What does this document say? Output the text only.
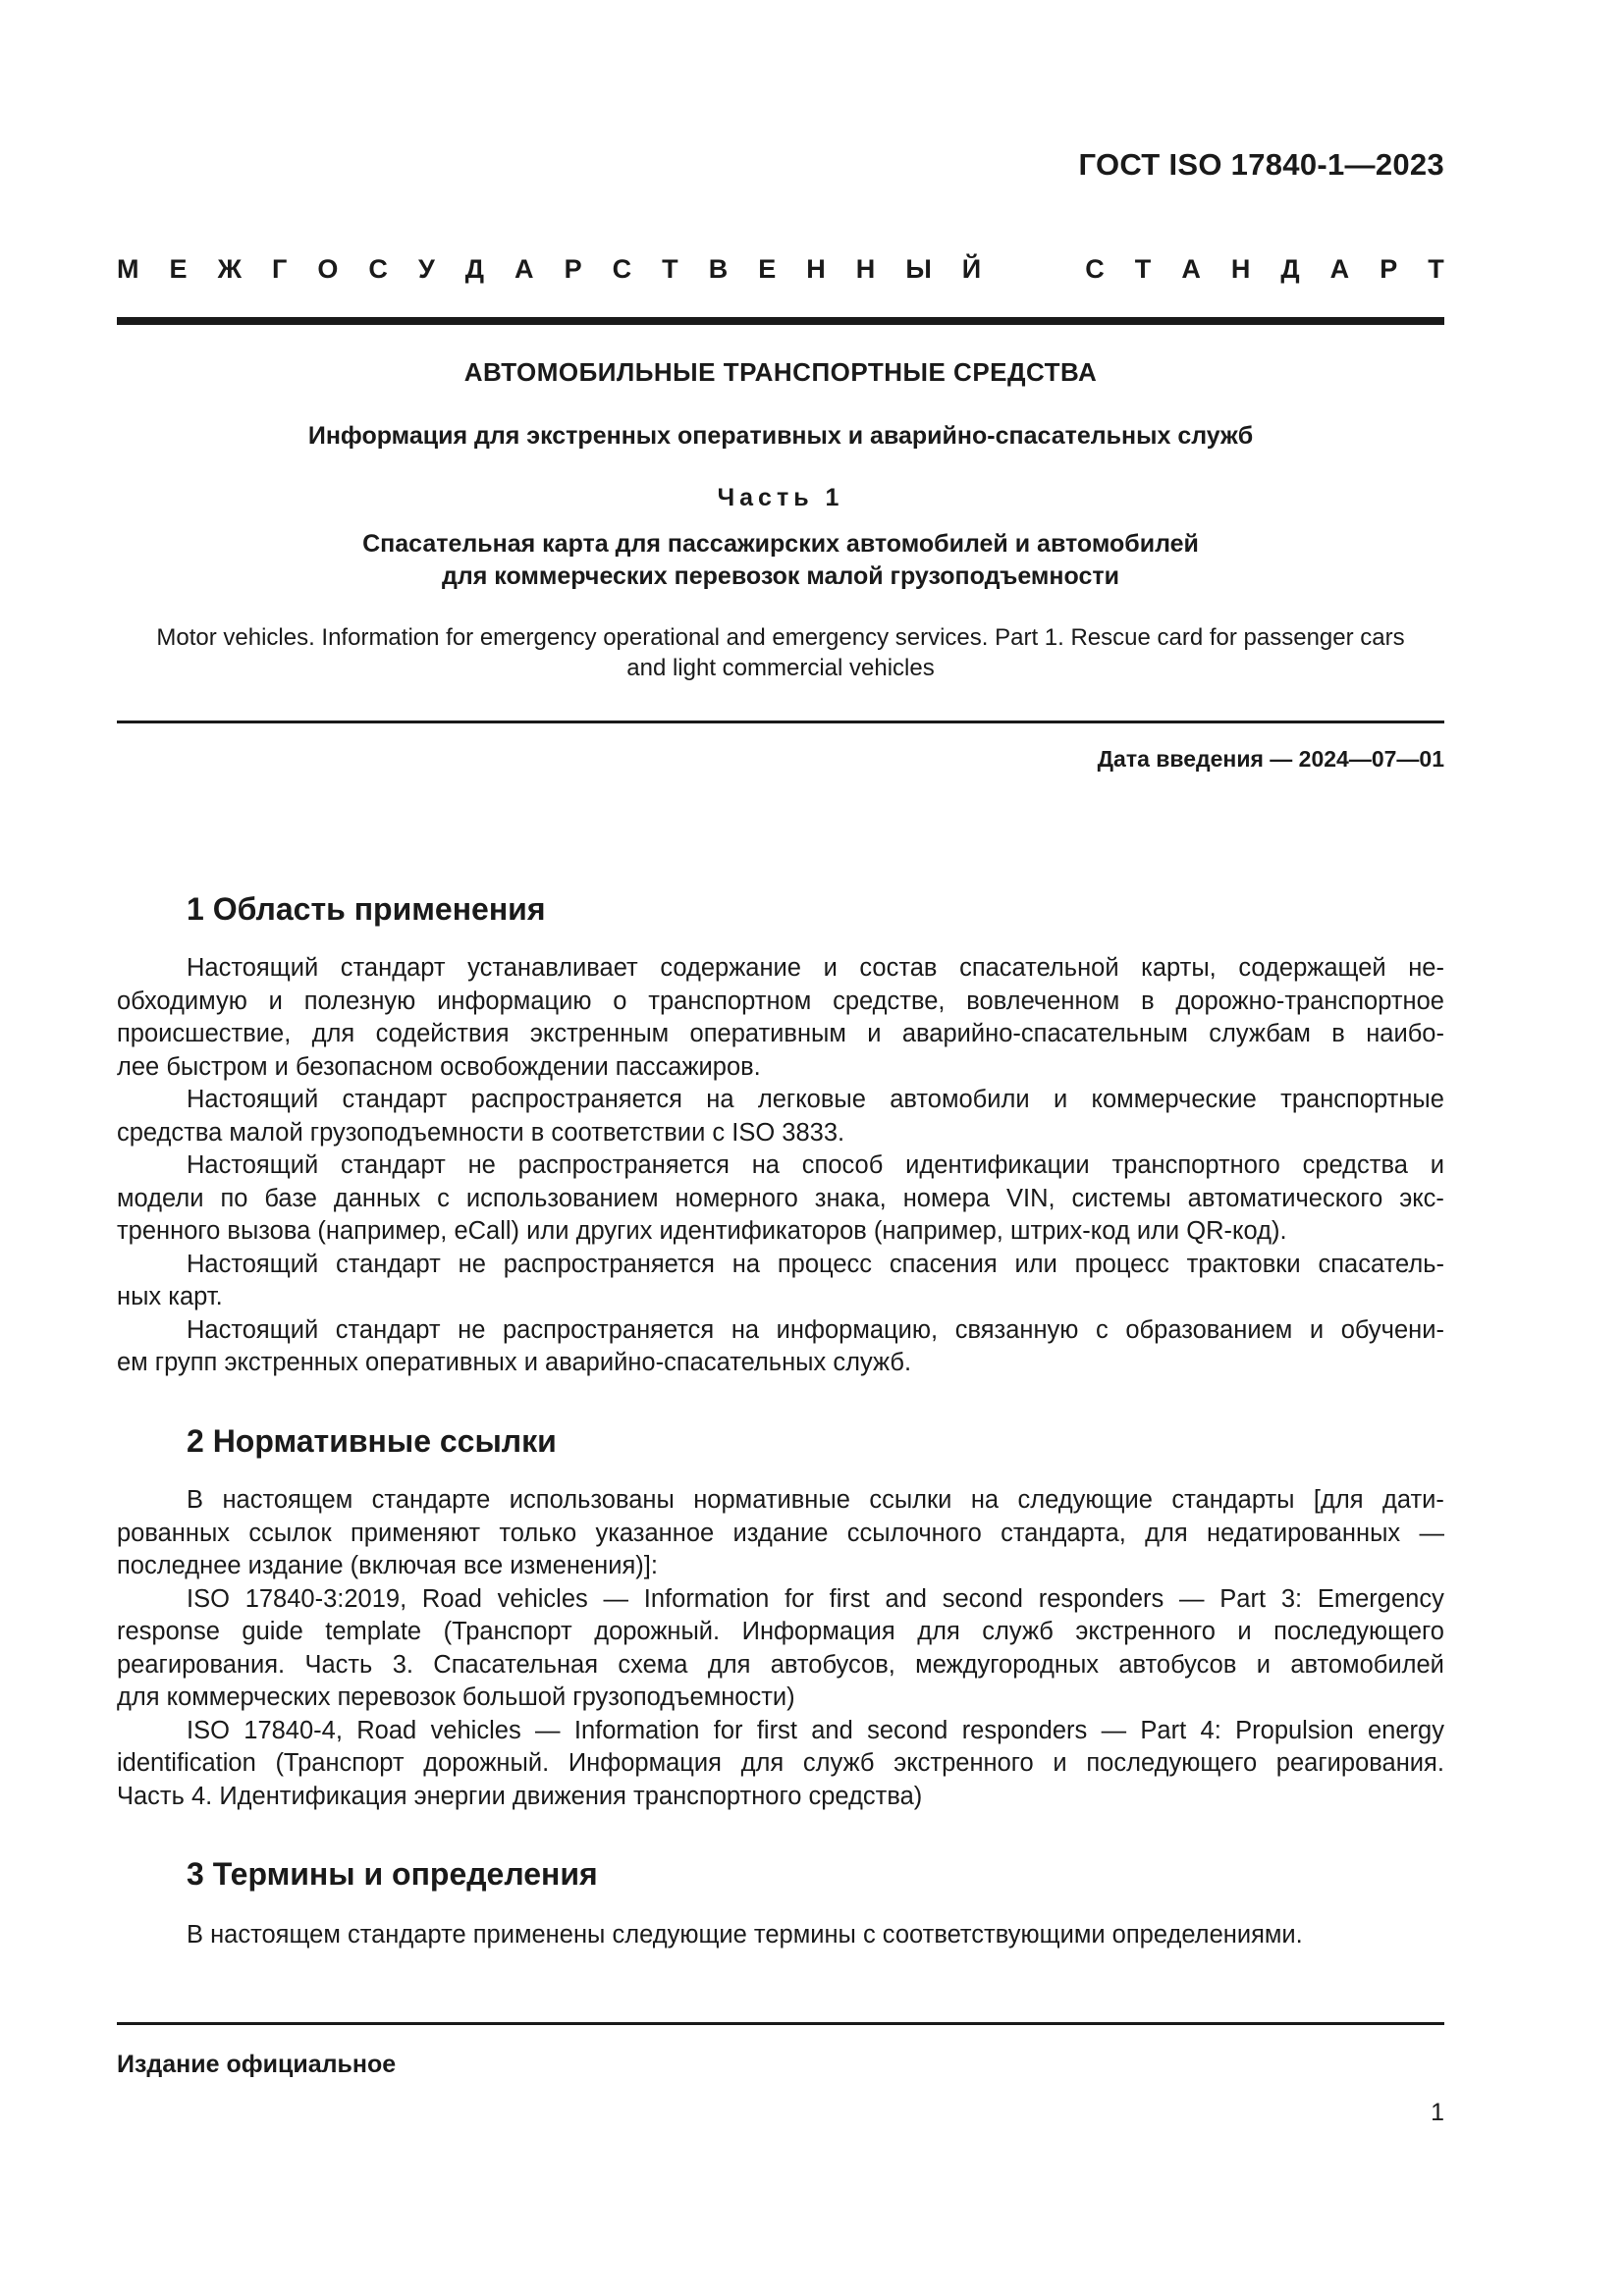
ГОСТ ISO 17840-1—2023
М Е Ж Г О С У Д А Р С Т В Е Н Н Ы Й	С Т А Н Д А Р Т
АВТОМОБИЛЬНЫЕ ТРАНСПОРТНЫЕ СРЕДСТВА
Информация для экстренных оперативных и аварийно-спасательных служб
Часть 1
Спасательная карта для пассажирских автомобилей и автомобилей
для коммерческих перевозок малой грузоподъемности
Motor vehicles. Information for emergency operational and emergency services. Part 1. Rescue card for passenger cars
and light commercial vehicles
Дата введения — 2024—07—01
1 Область применения
Настоящий стандарт устанавливает содержание и состав спасательной карты, содержащей не-
обходимую и полезную информацию о транспортном средстве, вовлеченном в дорожно-транспортное
происшествие, для содействия экстренным оперативным и аварийно-спасательным службам в наибо-
лее быстром и безопасном освобождении пассажиров.
Настоящий стандарт распространяется на легковые автомобили и коммерческие транспортные
средства малой грузоподъемности в соответствии с ISO 3833.
Настоящий стандарт не распространяется на способ идентификации транспортного средства и
модели по базе данных с использованием номерного знака, номера VIN, системы автоматического экс-
тренного вызова (например, eCall) или других идентификаторов (например, штрих-код или QR-код).
Настоящий стандарт не распространяется на процесс спасения или процесс трактовки спасатель-
ных карт.
Настоящий стандарт не распространяется на информацию, связанную с образованием и обучени-
ем групп экстренных оперативных и аварийно-спасательных служб.
2 Нормативные ссылки
В настоящем стандарте использованы нормативные ссылки на следующие стандарты [для дати-
рованных ссылок применяют только указанное издание ссылочного стандарта, для недатированных —
последнее издание (включая все изменения)]:
ISO 17840-3:2019, Road vehicles — Information for first and second responders — Part 3: Emergency
response guide template (Транспорт дорожный. Информация для служб экстренного и последующего
реагирования. Часть 3. Спасательная схема для автобусов, междугородных автобусов и автомобилей
для коммерческих перевозок большой грузоподъемности)
ISO 17840-4, Road vehicles — Information for first and second responders — Part 4: Propulsion energy
identification (Транспорт дорожный. Информация для служб экстренного и последующего реагирования.
Часть 4. Идентификация энергии движения транспортного средства)
3 Термины и определения
В настоящем стандарте применены следующие термины с соответствующими определениями.
Издание официальное
1
